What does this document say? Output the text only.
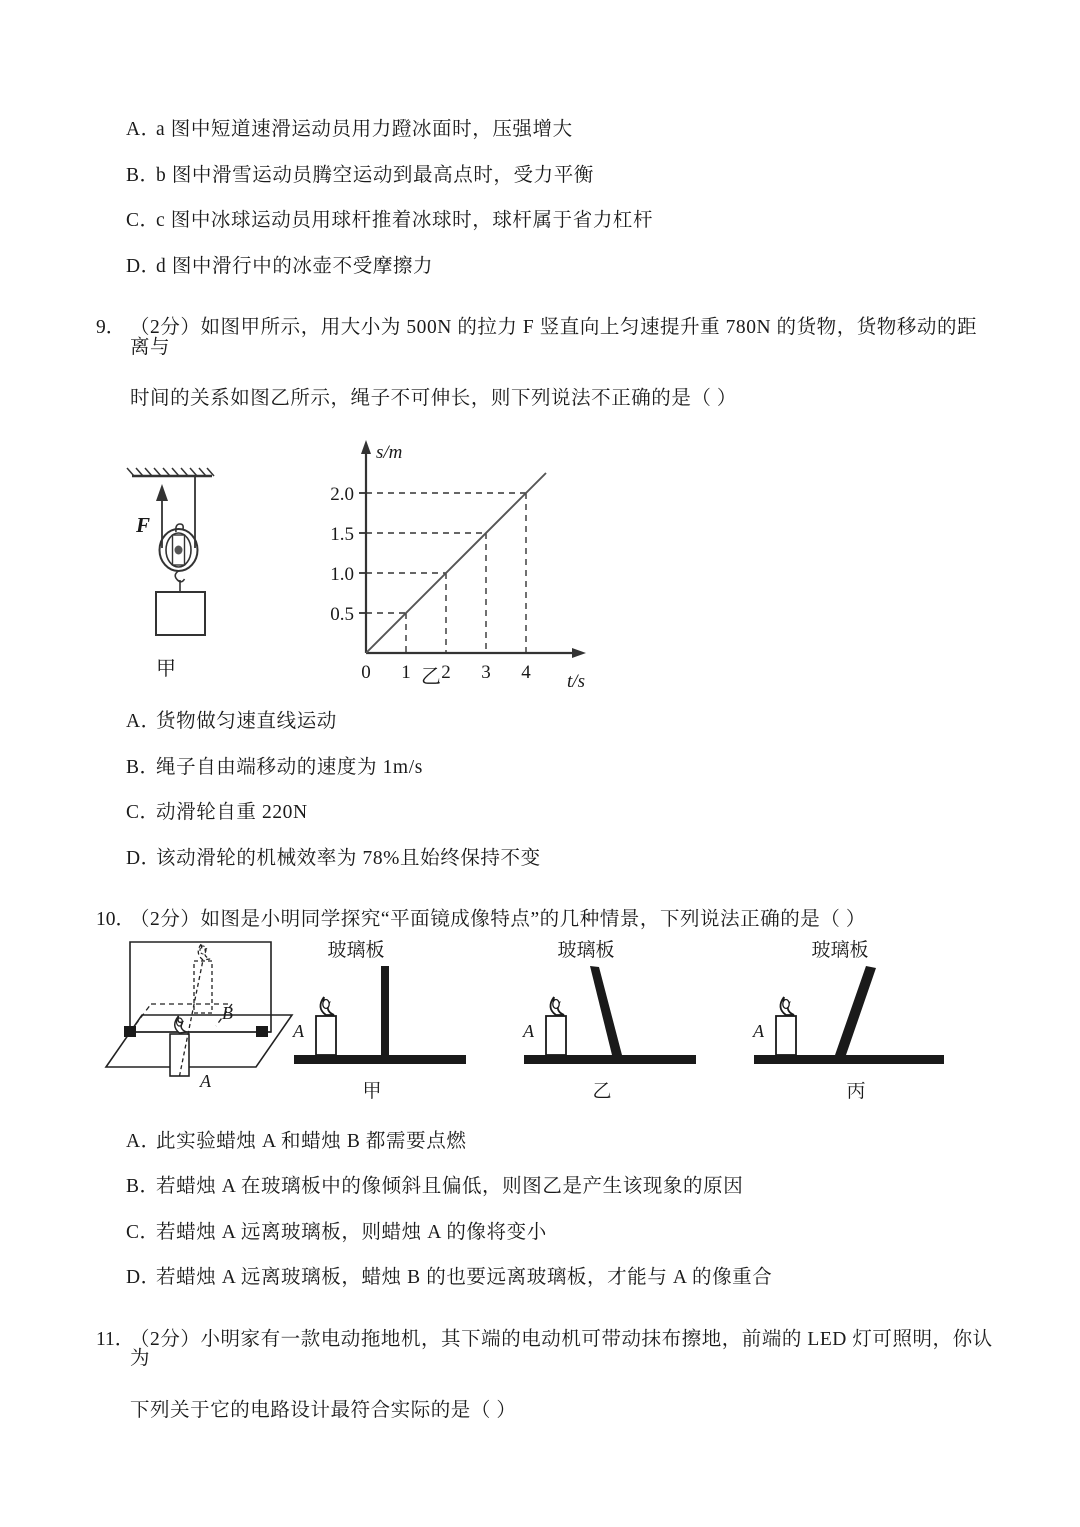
A．
a 图中短道速滑运动员用力蹬冰面时，压强增大
B．
b 图中滑雪运动员腾空运动到最高点时，受力平衡
C．
c 图中冰球运动员用球杆推着冰球时，球杆属于省力杠杆
D．
d 图中滑行中的冰壶不受摩擦力
9． （2分）如图甲所示，用大小为 500N 的拉力 F 竖直向上匀速提升重 780N 的货物，货物移动的距离与
时间的关系如图乙所示，绳子不可伸长，则下列说法不正确的是（ ）
F
甲
0.5
1.0
1.5
2.0
0 1 2 3 4
s/m
t/s
乙
A．
货物做匀速直线运动
B．
绳子自由端移动的速度为 1m/s
C．
动滑轮自重 220N
D．
该动滑轮的机械效率为 78%且始终保持不变
10．
（2分）如图是小明同学探究“平面镜成像特点”的几种情景，下列说法正确的是（ ）
A
B
玻璃板
A
甲
玻璃板
A
乙
玻璃板
A
丙
A．
此实验蜡烛 A 和蜡烛 B 都需要点燃
B．
若蜡烛 A 在玻璃板中的像倾斜且偏低，则图乙是产生该现象的原因
C．
若蜡烛 A 远离玻璃板，则蜡烛 A 的像将变小
D．
若蜡烛 A 远离玻璃板，蜡烛 B 的也要远离玻璃板，才能与 A 的像重合
11．
（2分）小明家有一款电动拖地机，其下端的电动机可带动抹布擦地，前端的 LED 灯可照明，你认为
下列关于它的电路设计最符合实际的是（ ）
